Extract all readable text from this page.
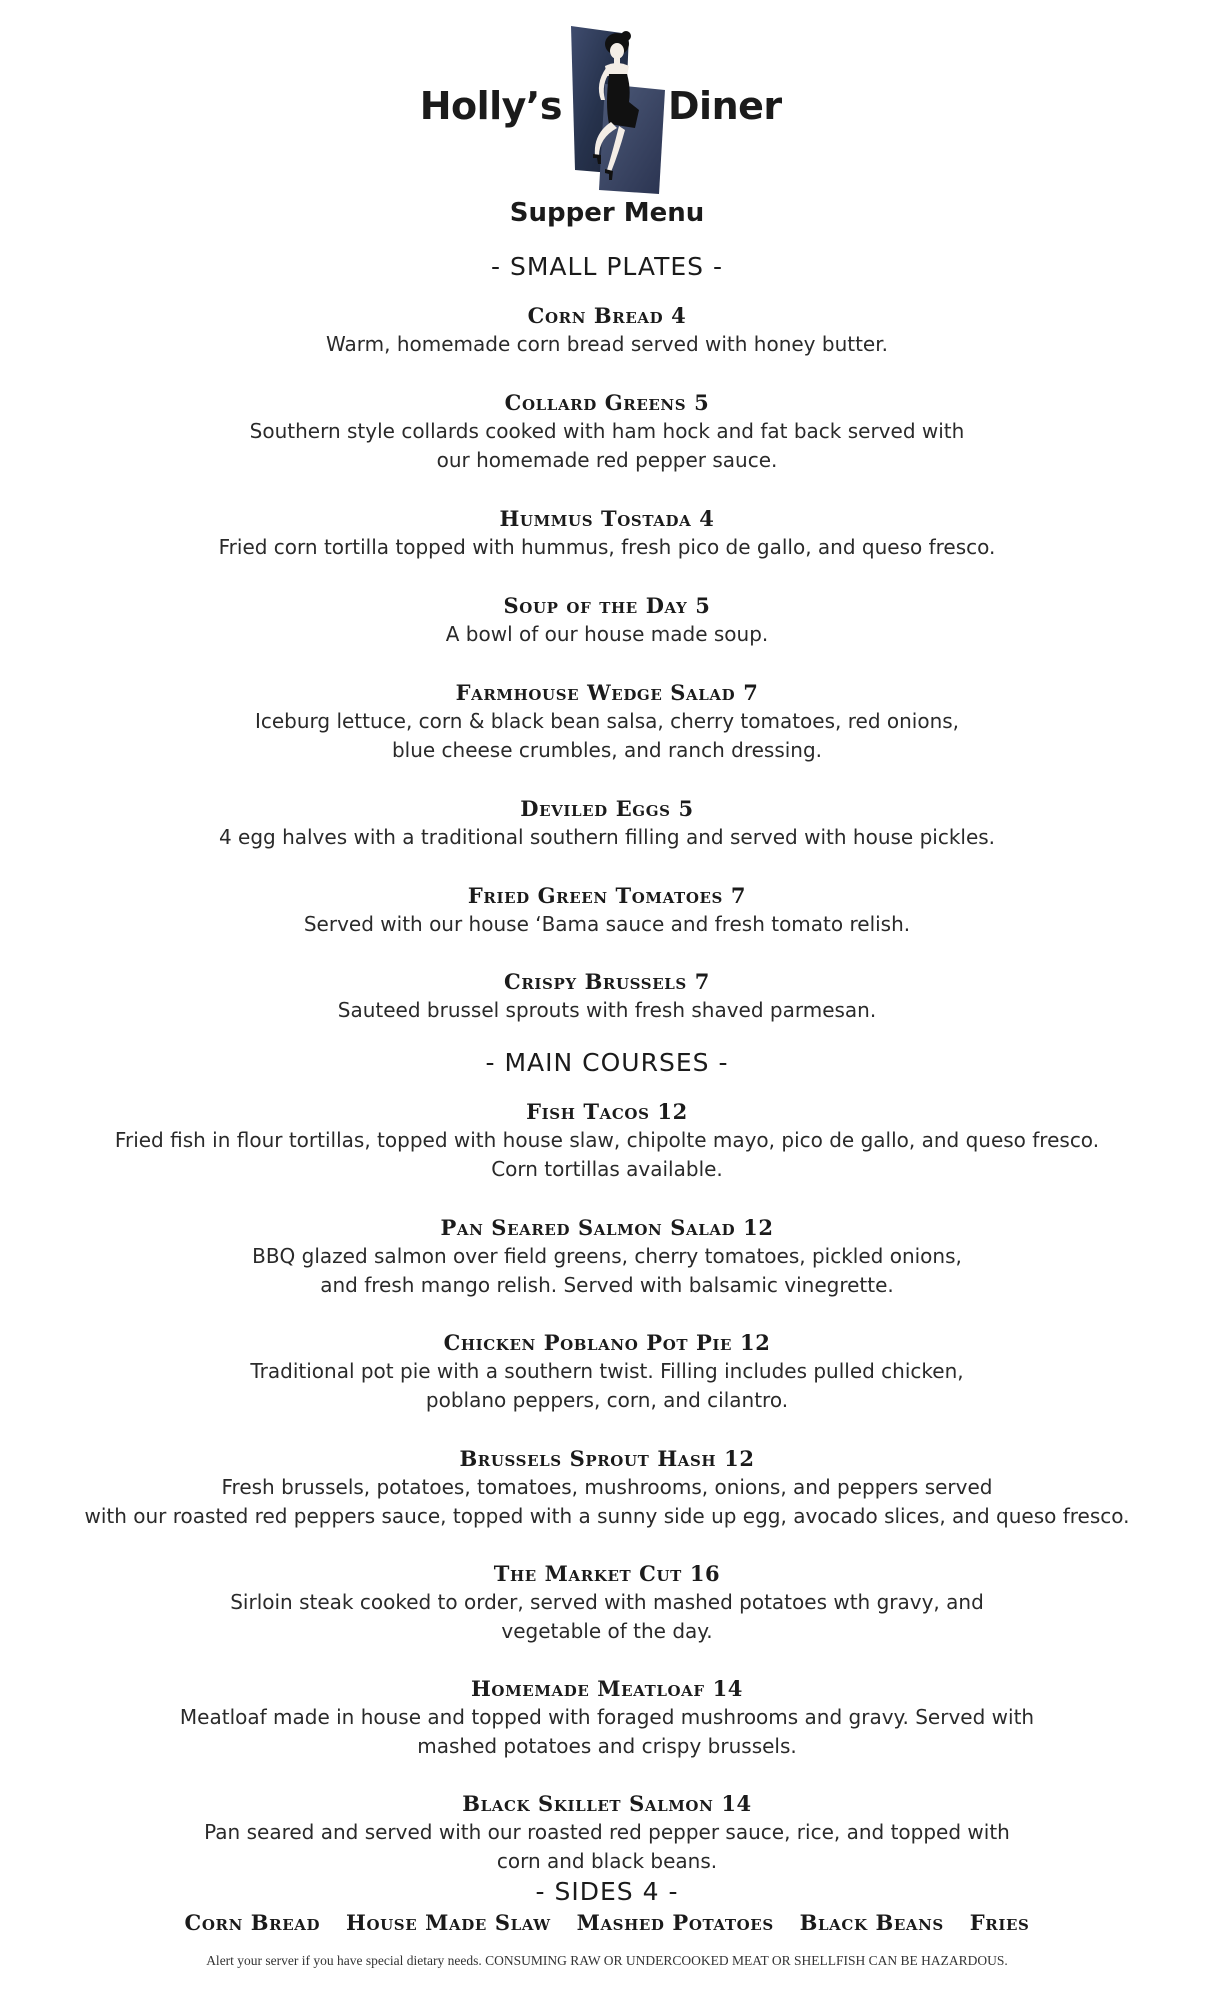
Holly’s	Diner
Supper Menu
- SMALL PLATES -
Corn Bread 4
Warm, homemade corn bread served with honey butter.
Collard Greens 5
Southern style collards cooked with ham hock and fat back served with
our homemade red pepper sauce.
Hummus Tostada 4
Fried corn tortilla topped with hummus, fresh pico de gallo, and queso fresco.
Soup of the Day 5
A bowl of our house made soup.
Farmhouse Wedge Salad 7
Iceburg lettuce, corn & black bean salsa, cherry tomatoes, red onions,
blue cheese crumbles, and ranch dressing.
Deviled Eggs 5
4 egg halves with a traditional southern filling and served with house pickles.
Fried Green Tomatoes 7
Served with our house ‘Bama sauce and fresh tomato relish.
Crispy Brussels 7
Sauteed brussel sprouts with fresh shaved parmesan.
- MAIN COURSES -
Fish Tacos 12
Fried fish in flour tortillas, topped with house slaw, chipolte mayo, pico de gallo, and queso fresco.
Corn tortillas available.
Pan Seared Salmon Salad 12
BBQ glazed salmon over field greens, cherry tomatoes, pickled onions,
and fresh mango relish. Served with balsamic vinegrette.
Chicken Poblano Pot Pie 12
Traditional pot pie with a southern twist. Filling includes pulled chicken,
poblano peppers, corn, and cilantro.
Brussels Sprout Hash 12
Fresh brussels, potatoes, tomatoes, mushrooms, onions, and peppers served
with our roasted red peppers sauce, topped with a sunny side up egg, avocado slices, and queso fresco.
The Market Cut 16
Sirloin steak cooked to order, served with mashed potatoes wth gravy, and
vegetable of the day.
Homemade Meatloaf 14
Meatloaf made in house and topped with foraged mushrooms and gravy. Served with
mashed potatoes and crispy brussels.
Black Skillet Salmon 14
Pan seared and served with our roasted red pepper sauce, rice, and topped with
corn and black beans.
- SIDES 4 -
Corn Bread House Made Slaw Mashed Potatoes Black Beans Fries
Alert your server if you have special dietary needs. CONSUMING RAW OR UNDERCOOKED MEAT OR SHELLFISH CAN BE HAZARDOUS.
